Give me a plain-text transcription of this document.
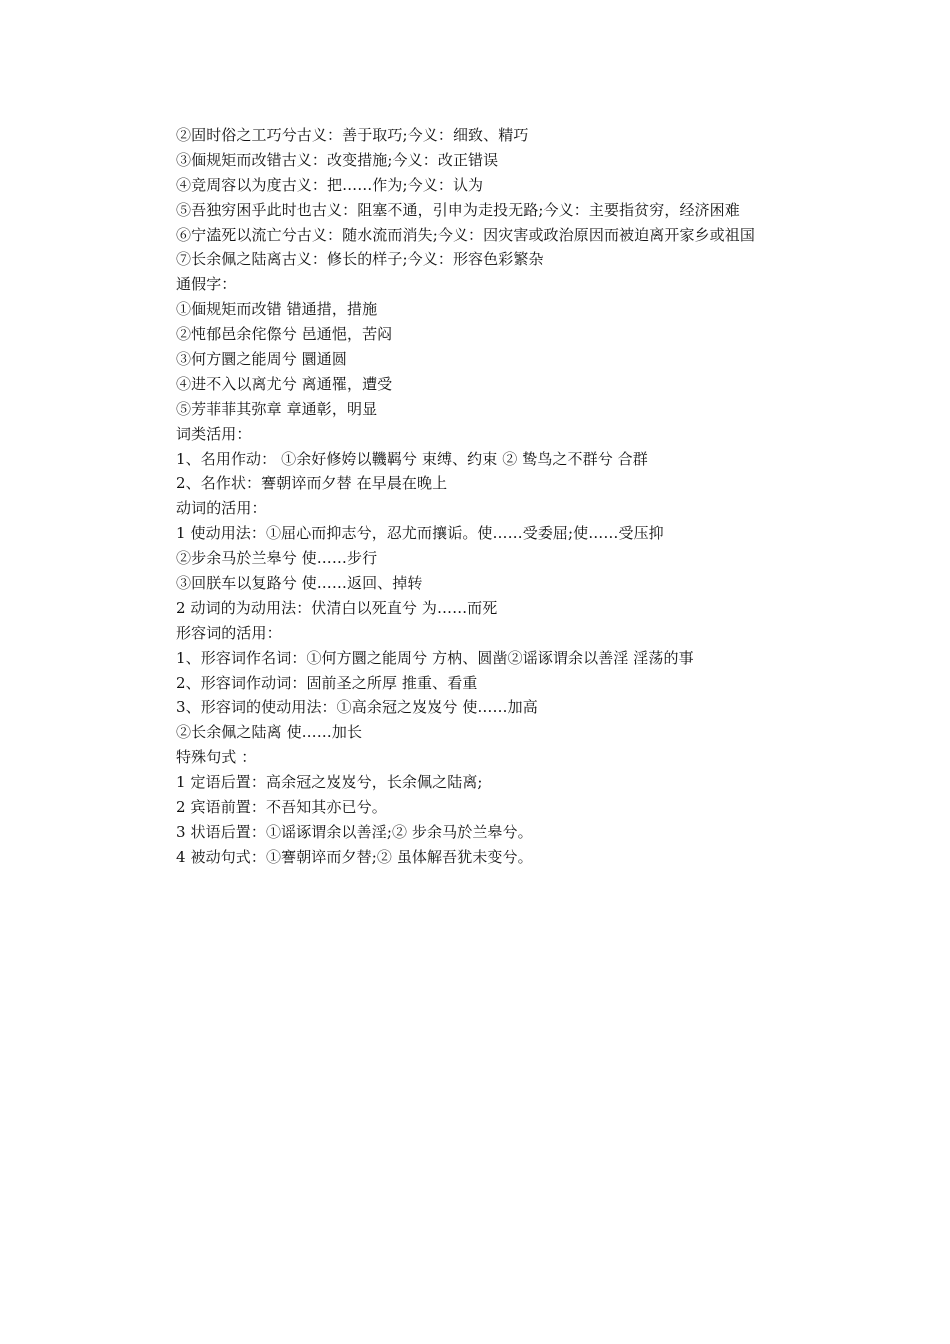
②固时俗之工巧兮古义：善于取巧;今义：细致、精巧
③偭规矩而改错古义：改变措施;今义：改正错误
④竞周容以为度古义：把……作为;今义：认为
⑤吾独穷困乎此时也古义：阻塞不通，引申为走投无路;今义：主要指贫穷，经济困难
⑥宁溘死以流亡兮古义：随水流而消失;今义：因灾害或政治原因而被迫离开家乡或祖国
⑦长余佩之陆离古义：修长的样子;今义：形容色彩繁杂
通假字：
①偭规矩而改错 错通措，措施
②忳郁邑余侘傺兮 邑通悒，苦闷
③何方圜之能周兮 圜通圆
④进不入以离尤兮 离通罹，遭受
⑤芳菲菲其弥章 章通彰，明显
词类活用：
1、名用作动： ①余好修姱以鞿羁兮 束缚、约束 ② 鸷鸟之不群兮 合群
2、名作状：謇朝谇而夕替 在早晨在晚上
动词的活用：
1 使动用法：①屈心而抑志兮，忍尤而攘诟。使……受委屈;使……受压抑
②步余马於兰皋兮 使……步行
③回朕车以复路兮 使……返回、掉转
2 动词的为动用法：伏清白以死直兮 为……而死
形容词的活用：
1、形容词作名词：①何方圜之能周兮 方枘、圆凿②谣诼谓余以善淫 淫荡的事
2、形容词作动词：固前圣之所厚 推重、看重
3、形容词的使动用法：①高余冠之岌岌兮 使……加高
②长余佩之陆离 使……加长
特殊句式 ：
1 定语后置：高余冠之岌岌兮，长余佩之陆离;
2 宾语前置：不吾知其亦已兮。
3 状语后置：①谣诼谓余以善淫;② 步余马於兰皋兮。
4 被动句式：①謇朝谇而夕替;② 虽体解吾犹未变兮。
